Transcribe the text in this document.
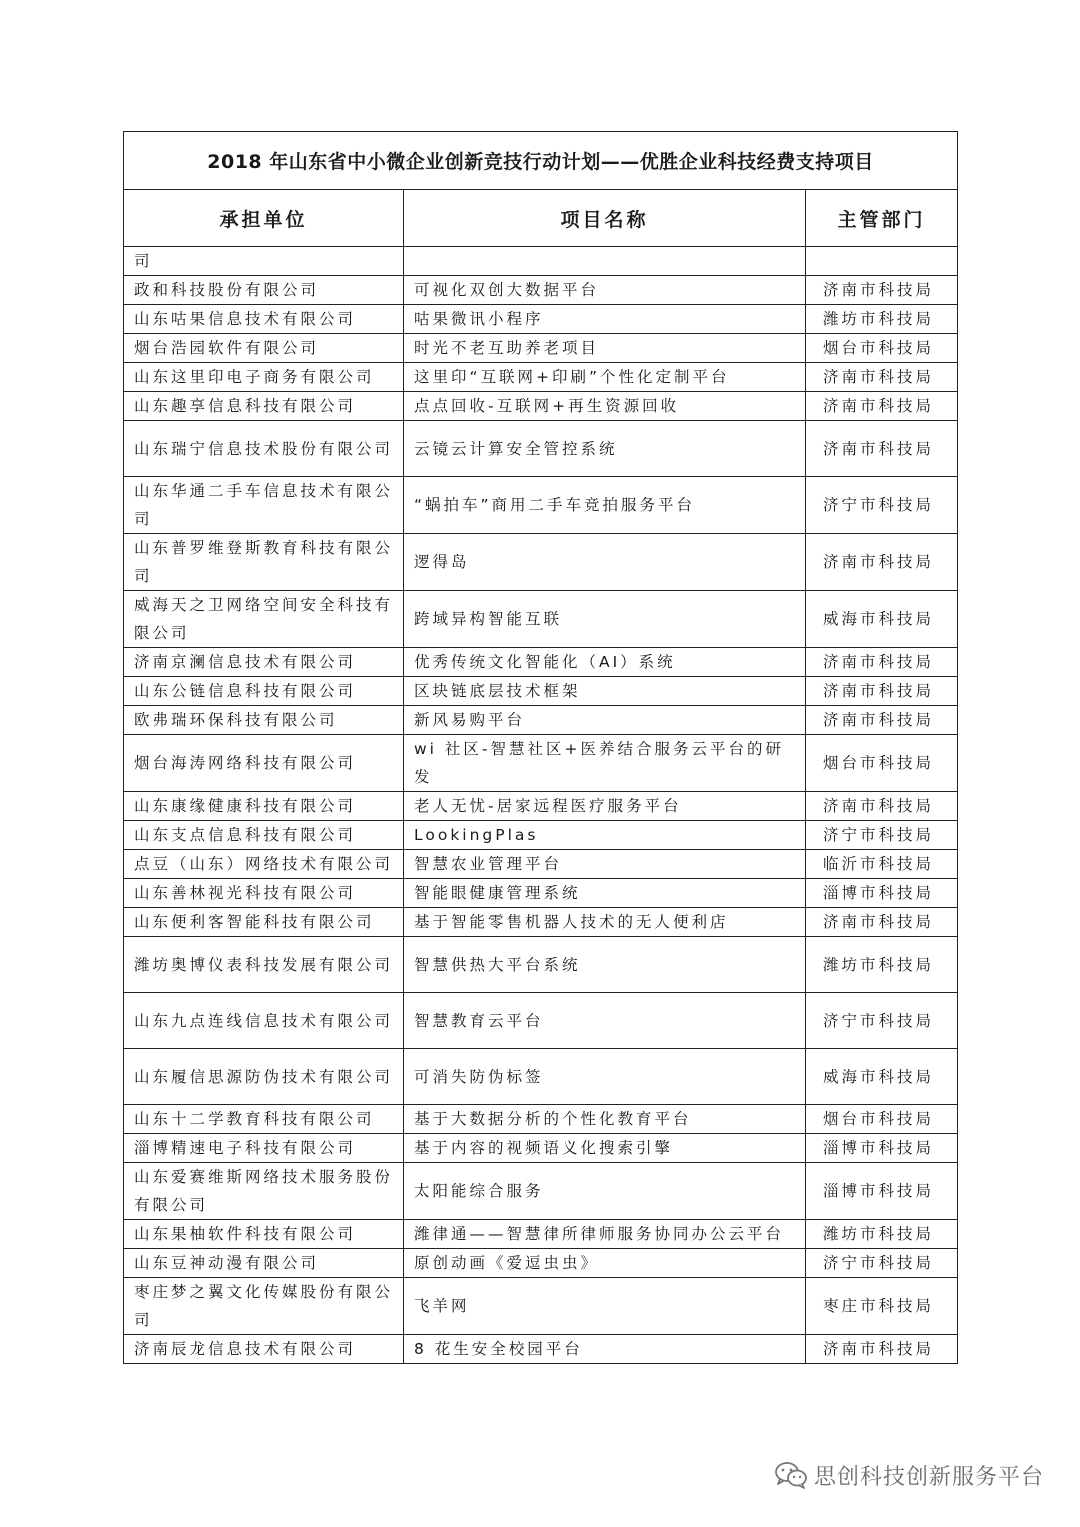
2018 年山东省中小微企业创新竞技行动计划——优胜企业科技经费支持项目		
承担单位	项目名称	主管部门
司		
政和科技股份有限公司	可视化双创大数据平台	济南市科技局
山东咕果信息技术有限公司	咕果微讯小程序	潍坊市科技局
烟台浩园软件有限公司	时光不老互助养老项目	烟台市科技局
山东这里印电子商务有限公司	这里印“互联网+印刷”个性化定制平台	济南市科技局
山东趣享信息科技有限公司	点点回收-互联网+再生资源回收	济南市科技局
山东瑞宁信息技术股份有限公司	云镜云计算安全管控系统	济南市科技局
山东华通二手车信息技术有限公司	“蜗拍车”商用二手车竞拍服务平台	济宁市科技局
山东普罗维登斯教育科技有限公司	逻得岛	济南市科技局
威海天之卫网络空间安全科技有限公司	跨域异构智能互联	威海市科技局
济南京澜信息技术有限公司	优秀传统文化智能化（AI）系统	济南市科技局
山东公链信息科技有限公司	区块链底层技术框架	济南市科技局
欧弗瑞环保科技有限公司	新风易购平台	济南市科技局
烟台海涛网络科技有限公司	wi 社区-智慧社区+医养结合服务云平台的研发	烟台市科技局
山东康缘健康科技有限公司	老人无忧-居家远程医疗服务平台	济南市科技局
山东支点信息科技有限公司	LookingPlas	济宁市科技局
点豆（山东）网络技术有限公司	智慧农业管理平台	临沂市科技局
山东善林视光科技有限公司	智能眼健康管理系统	淄博市科技局
山东便利客智能科技有限公司	基于智能零售机器人技术的无人便利店	济南市科技局
潍坊奥博仪表科技发展有限公司	智慧供热大平台系统	潍坊市科技局
山东九点连线信息技术有限公司	智慧教育云平台	济宁市科技局
山东履信思源防伪技术有限公司	可消失防伪标签	威海市科技局
山东十二学教育科技有限公司	基于大数据分析的个性化教育平台	烟台市科技局
淄博精速电子科技有限公司	基于内容的视频语义化搜索引擎	淄博市科技局
山东爱赛维斯网络技术服务股份有限公司	太阳能综合服务	淄博市科技局
山东果柚软件科技有限公司	潍律通——智慧律所律师服务协同办公云平台	潍坊市科技局
山东豆神动漫有限公司	原创动画《爱逗虫虫》	济宁市科技局
枣庄梦之翼文化传媒股份有限公司	飞羊网	枣庄市科技局
济南辰龙信息技术有限公司	8 花生安全校园平台	济南市科技局
思创科技创新服务平台
